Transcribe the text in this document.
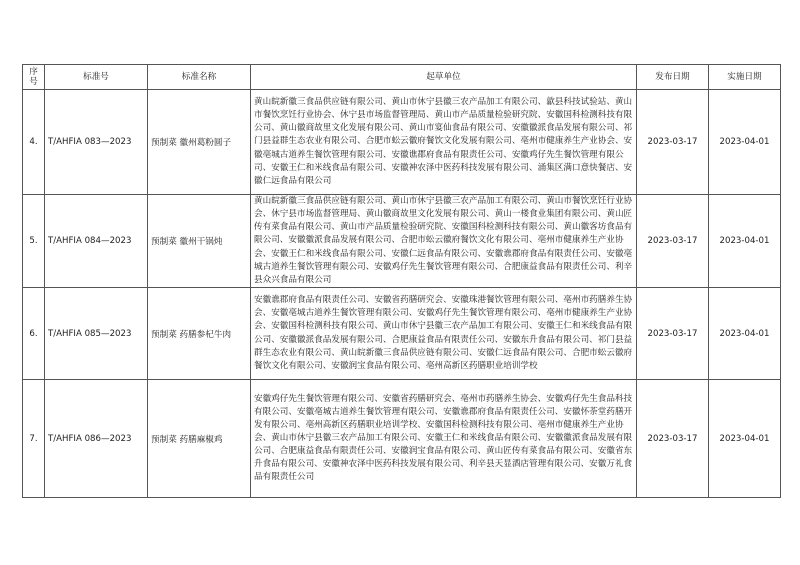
序号	标准号	标准名称	起草单位	发布日期	实施日期
4.	T/AHFIA 083—2023	预制菜 徽州葛粉圆子	黄山皖新徽三食品供应链有限公司、黄山市休宁县徽三农产品加工有限公司、歙县科技试验站、黄山市餐饮烹饪行业协会、休宁县市场监督管理局、黄山市产品质量检验研究院、安徽国科检测科技有限公司、黄山徽商故里文化发展有限公司、黄山市宴仙食品有限公司、安徽徽派食品发展有限公司、祁门县益群生态农业有限公司、合肥市蚣云徽府餐饮文化发展有限公司、亳州市健康养生产业协会、安徽亳城古道养生餐饮管理有限公司、安徽谯郡府食品有限责任公司、安徽鸡仔先生餐饮管理有限公司、安徽王仁和米线食品有限公司、安徽神农泽中医药科技发展有限公司、涌集区满口意快餐店、安徽仁远食品有限公司	2023-03-17	2023-04-01
5.	T/AHFIA 084—2023	预制菜 徽州干锅炖	黄山皖新徽三食品供应链有限公司、黄山市休宁县徽三农产品加工有限公司、黄山市餐饮烹饪行业协会、休宁县市场监督管理局、黄山徽商故里文化发展有限公司、黄山一楼食业集团有限公司、黄山匠传有菜食品有限公司、黄山市产品质量检验研究院、安徽国科检测科技有限公司、黄山徽客坊食品有限公司、安徽徽派食品发展有限公司、合肥市蚣云徽府餐饮文化有限公司、亳州市健康养生产业协会、安徽王仁和米线食品有限公司、安徽仁远食品有限公司、安徽谯郡府食品有限责任公司、安徽亳城古道养生餐饮管理有限公司、安徽鸡仔先生餐饮管理有限公司、合肥康益食品有限责任公司、利辛县众兴食品有限公司	2023-03-17	2023-04-01
6.	T/AHFIA 085—2023	预制菜 药膳参杞牛肉	安徽谯郡府食品有限责任公司、安徽省药膳研究会、安徽珠港餐饮管理有限公司、亳州市药膳养生协会、安徽亳城古道养生餐饮管理有限公司、安徽鸡仔先生餐饮管理有限公司、亳州市健康养生产业协会、安徽国科检测科技有限公司、黄山市休宁县徽三农产品加工有限公司、安徽王仁和米线食品有限公司、安徽徽派食品发展有限公司、合肥康益食品有限责任公司、安徽东升食品有限公司、祁门县益群生态农业有限公司、黄山皖新徽三食品供应链有限公司、安徽仁远食品有限公司、合肥市蚣云徽府餐饮文化有限公司、安徽润宝食品有限公司、亳州高新区药膳职业培训学校	2023-03-17	2023-04-01
7.	T/AHFIA 086—2023	预制菜 药膳麻椒鸡	安徽鸡仔先生餐饮管理有限公司、安徽省药膳研究会、亳州市药膳养生协会、安徽鸡仔先生食品科技有限公司、安徽亳城古道养生餐饮管理有限公司、安徽谯郡府食品有限责任公司、安徽怀荼堂药膳开发有限公司、亳州高新区药膳职业培训学校、安徽国科检测科技有限公司、亳州市健康养生产业协会、黄山市休宁县徽三农产品加工有限公司、安徽王仁和米线食品有限公司、安徽徽派食品发展有限公司、合肥康益食品有限责任公司、安徽润宝食品有限公司、黄山匠传有菜食品有限公司、安徽省东升食品有限公司、安徽神农泽中医药科技发展有限公司、利辛县天显酒店管理有限公司、安徽万礼食品有限责任公司	2023-03-17	2023-04-01
